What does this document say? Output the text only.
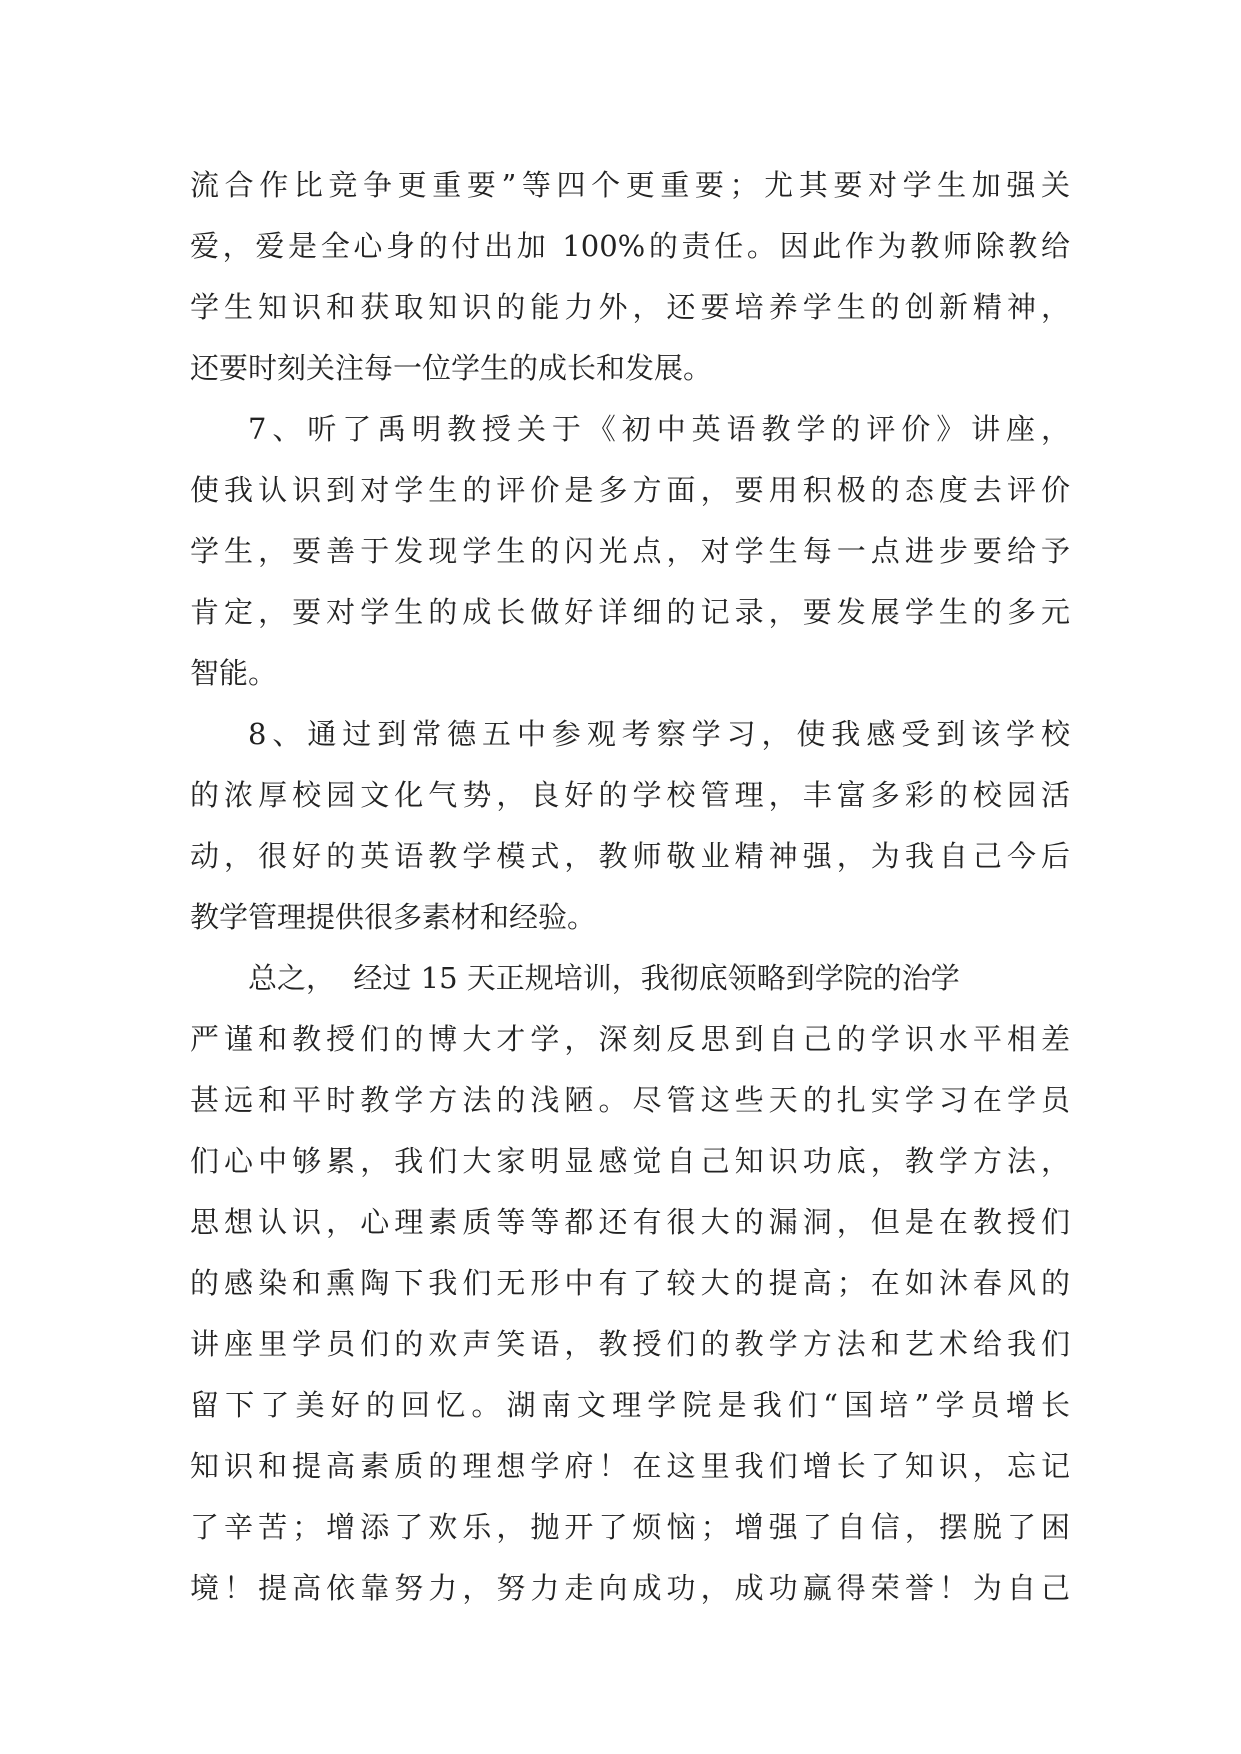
流合作比竞争更重要”等四个更重要；尤其要对学生加强关
爱，爱是全心身的付出加 100%的责任。因此作为教师除教给
学生知识和获取知识的能力外，还要培养学生的创新精神，
还要时刻关注每一位学生的成长和发展。
7、听了禹明教授关于《初中英语教学的评价》讲座，
使我认识到对学生的评价是多方面，要用积极的态度去评价
学生，要善于发现学生的闪光点，对学生每一点进步要给予
肯定，要对学生的成长做好详细的记录，要发展学生的多元
智能。
8、通过到常德五中参观考察学习，使我感受到该学校
的浓厚校园文化气势，良好的学校管理，丰富多彩的校园活
动，很好的英语教学模式，教师敬业精神强，为我自己今后
教学管理提供很多素材和经验。
总之，  经过 15 天正规培训，我彻底领略到学院的治学
严谨和教授们的博大才学，深刻反思到自己的学识水平相差
甚远和平时教学方法的浅陋。尽管这些天的扎实学习在学员
们心中够累，我们大家明显感觉自己知识功底，教学方法，
思想认识，心理素质等等都还有很大的漏洞，但是在教授们
的感染和熏陶下我们无形中有了较大的提高；在如沐春风的
讲座里学员们的欢声笑语，教授们的教学方法和艺术给我们
留下了美好的回忆。湖南文理学院是我们“国培”学员增长
知识和提高素质的理想学府！在这里我们增长了知识，忘记
了辛苦；增添了欢乐，抛开了烦恼；增强了自信，摆脱了困
境！提高依靠努力，努力走向成功，成功赢得荣誉！为自己
